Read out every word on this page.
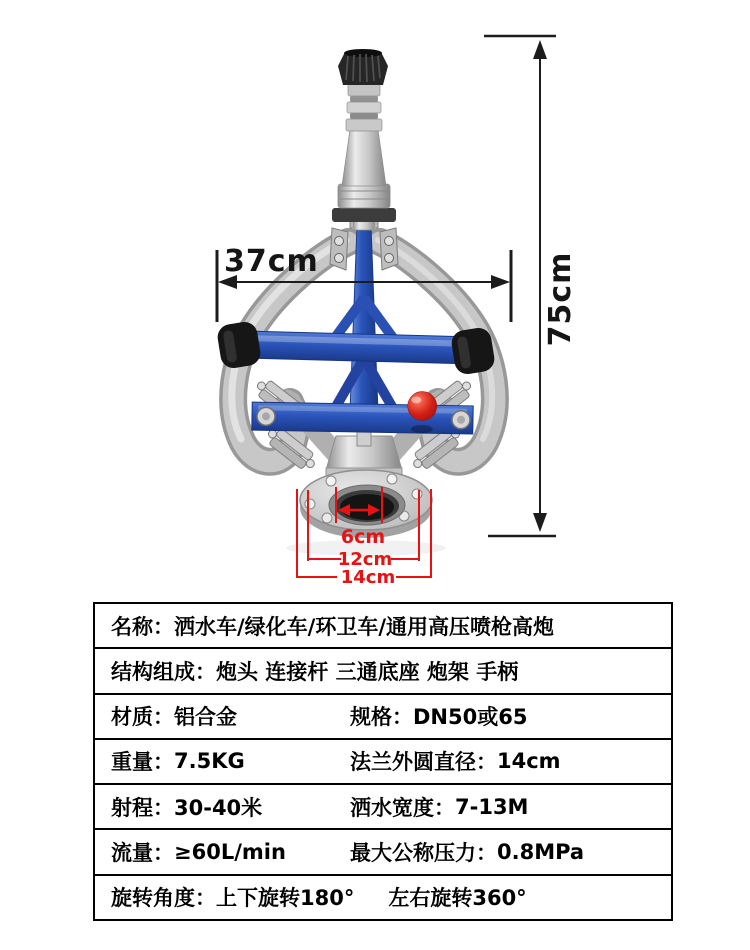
37cm	75cm
6cm
12cm
14cm
名称： 洒水车/绿化车/环卫车/通用高压喷枪高炮
结构组成： 炮头 连接杆 三通底座 炮架 手柄
材质： 铝合金	规格： DN50或65
重量： 7.5KG	法兰外圆直径： 14cm
射程： 30-40米	洒水宽度： 7-13M
流量： ≥60L/min	最大公称压力： 0.8MPa
旋转角度： 上下旋转180° 左右旋转360°
